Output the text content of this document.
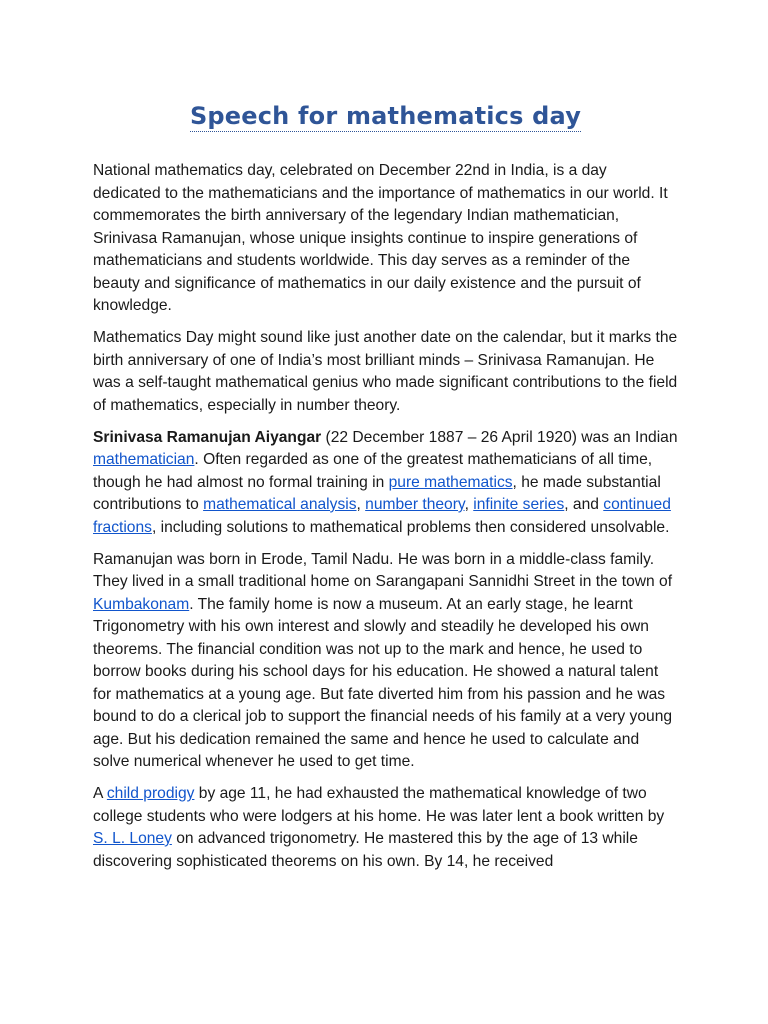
Speech for mathematics day

National mathematics day, celebrated on December 22nd in India, is a day dedicated to the mathematicians and the importance of mathematics in our world. It commemorates the birth anniversary of the legendary Indian mathematician, Srinivasa Ramanujan, whose unique insights continue to inspire generations of mathematicians and students worldwide. This day serves as a reminder of the beauty and significance of mathematics in our daily existence and the pursuit of knowledge.

Mathematics Day might sound like just another date on the calendar, but it marks the birth anniversary of one of India’s most brilliant minds – Srinivasa Ramanujan. He was a self-taught mathematical genius who made significant contributions to the field of mathematics, especially in number theory.

Srinivasa Ramanujan Aiyangar (22 December 1887 – 26 April 1920) was an Indian mathematician. Often regarded as one of the greatest mathematicians of all time, though he had almost no formal training in pure mathematics, he made substantial contributions to mathematical analysis, number theory, infinite series, and continued fractions, including solutions to mathematical problems then considered unsolvable.

Ramanujan was born in Erode, Tamil Nadu. He was born in a middle-class family. They lived in a small traditional home on Sarangapani Sannidhi Street in the town of Kumbakonam. The family home is now a museum. At an early stage, he learnt Trigonometry with his own interest and slowly and steadily he developed his own theorems. The financial condition was not up to the mark and hence, he used to borrow books during his school days for his education. He showed a natural talent for mathematics at a young age. But fate diverted him from his passion and he was bound to do a clerical job to support the financial needs of his family at a very young age. But his dedication remained the same and hence he used to calculate and solve numerical whenever he used to get time.

A child prodigy by age 11, he had exhausted the mathematical knowledge of two college students who were lodgers at his home. He was later lent a book written by S. L. Loney on advanced trigonometry. He mastered this by the age of 13 while discovering sophisticated theorems on his own. By 14, he received
